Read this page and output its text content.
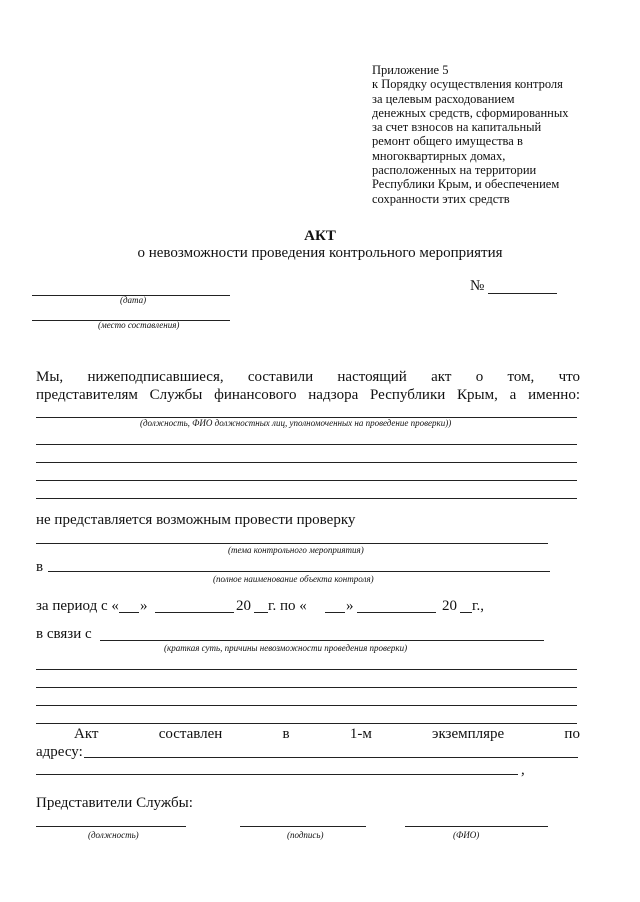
Приложение 5
к Порядку осуществления контроля
за целевым расходованием
денежных средств, сформированных
за счет взносов на капитальный
ремонт общего имущества в
многоквартирных домах,
расположенных на территории
Республики Крым, и обеспечением
сохранности этих средств
АКТ
о невозможности проведения контрольного мероприятия
(дата)
(место составления)
№
Мы, нижеподписавшиеся, составили настоящий акт о том, что
представителям Службы финансового надзора Республики Крым, а именно:
(должность, ФИО должностных лиц, уполномоченных на проведение проверки))
не представляется возможным провести проверку
(тема контрольного мероприятия)
в
(полное наименование объекта контроля)
за период с « »	20 г. по «	»	20 г.,
в связи с
(краткая суть, причины невозможности проведения проверки)
Акт	составлен	в	1-м	экземпляре	по
адресу:
,
Представители Службы:
(должность)	(подпись)	(ФИО)
